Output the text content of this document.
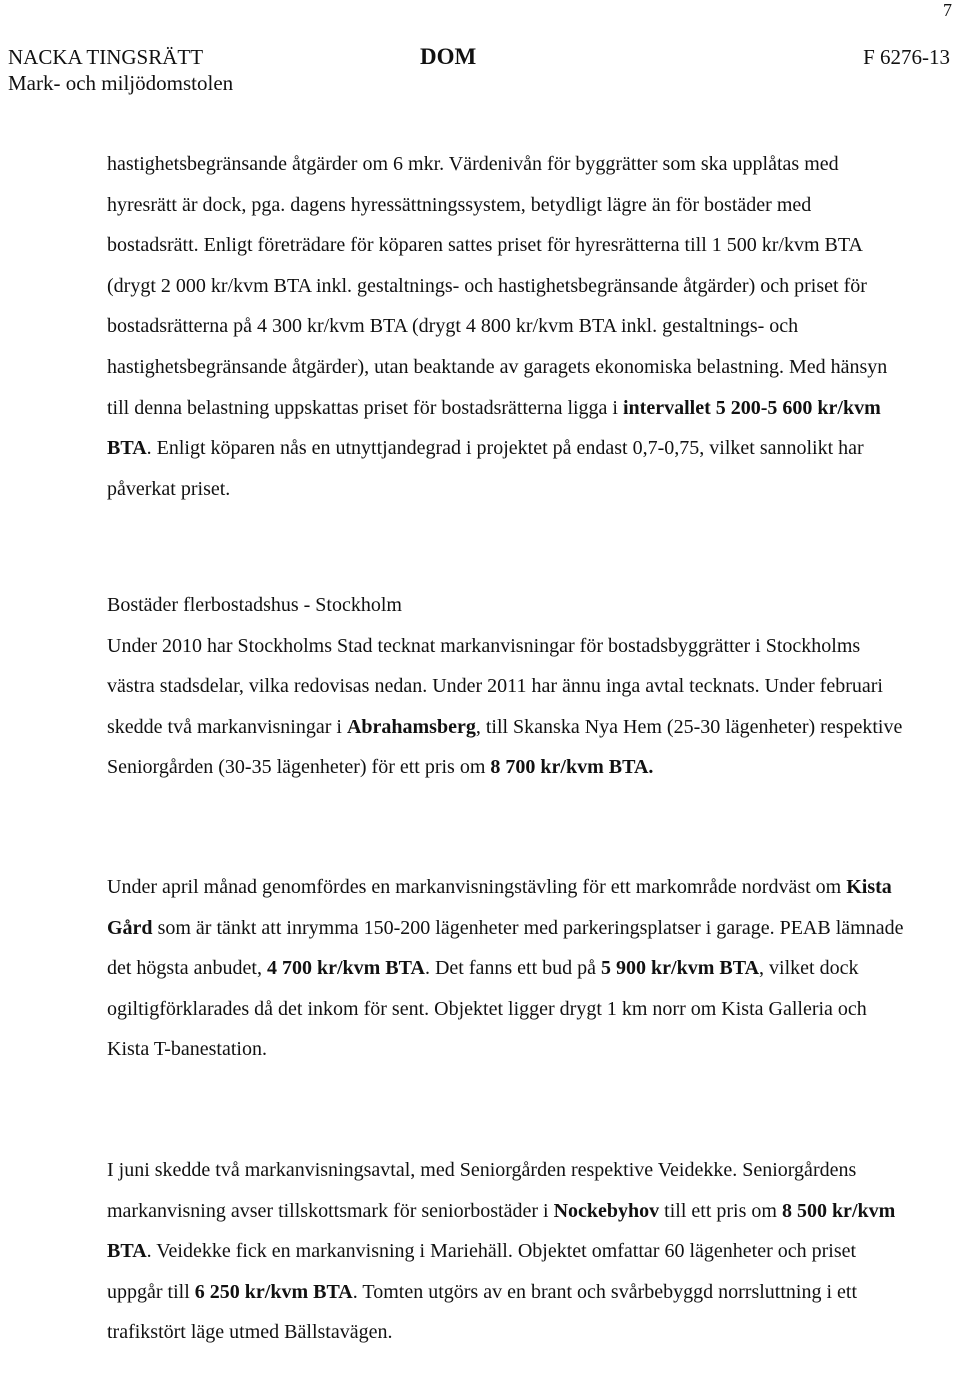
7
NACKA TINGSRÄTT
Mark- och miljödomstolen
DOM	F 6276-13

hastighetsbegränsande åtgärder om 6 mkr. Värdenivån för byggrätter som ska upplåtas med hyresrätt är dock, pga. dagens hyressättningssystem, betydligt lägre än för bostäder med bostadsrätt. Enligt företrädare för köparen sattes priset för hyresrätterna till 1 500 kr/kvm BTA (drygt 2 000 kr/kvm BTA inkl. gestaltnings- och hastighetsbegränsande åtgärder) och priset för bostadsrätterna på 4 300 kr/kvm BTA (drygt 4 800 kr/kvm BTA inkl. gestaltnings- och hastighetsbegränsande åtgärder), utan beaktande av garagets ekonomiska belastning. Med hänsyn till denna belastning uppskattas priset för bostadsrätterna ligga i intervallet 5 200-5 600 kr/kvm BTA. Enligt köparen nås en utnyttjandegrad i projektet på endast 0,7-0,75, vilket sannolikt har påverkat priset.

Bostäder flerbostadshus - Stockholm

Under 2010 har Stockholms Stad tecknat markanvisningar för bostadsbyggrätter i Stockholms västra stadsdelar, vilka redovisas nedan. Under 2011 har ännu inga avtal tecknats. Under februari skedde två markanvisningar i Abrahamsberg, till Skanska Nya Hem (25-30 lägenheter) respektive Seniorgården (30-35 lägenheter) för ett pris om 8 700 kr/kvm BTA.

Under april månad genomfördes en markanvisningstävling för ett markområde nordväst om Kista Gård som är tänkt att inrymma 150-200 lägenheter med parkeringsplatser i garage. PEAB lämnade det högsta anbudet, 4 700 kr/kvm BTA. Det fanns ett bud på 5 900 kr/kvm BTA, vilket dock ogiltigförklarades då det inkom för sent. Objektet ligger drygt 1 km norr om Kista Galleria och Kista T-banestation.

I juni skedde två markanvisningsavtal, med Seniorgården respektive Veidekke. Seniorgårdens markanvisning avser tillskottsmark för seniorbostäder i Nockebyhov till ett pris om 8 500 kr/kvm BTA. Veidekke fick en markanvisning i Mariehäll. Objektet omfattar 60 lägenheter och priset uppgår till 6 250 kr/kvm BTA. Tomten utgörs av en brant och svårbebyggd norrsluttning i ett trafikstört läge utmed Bällstavägen.
